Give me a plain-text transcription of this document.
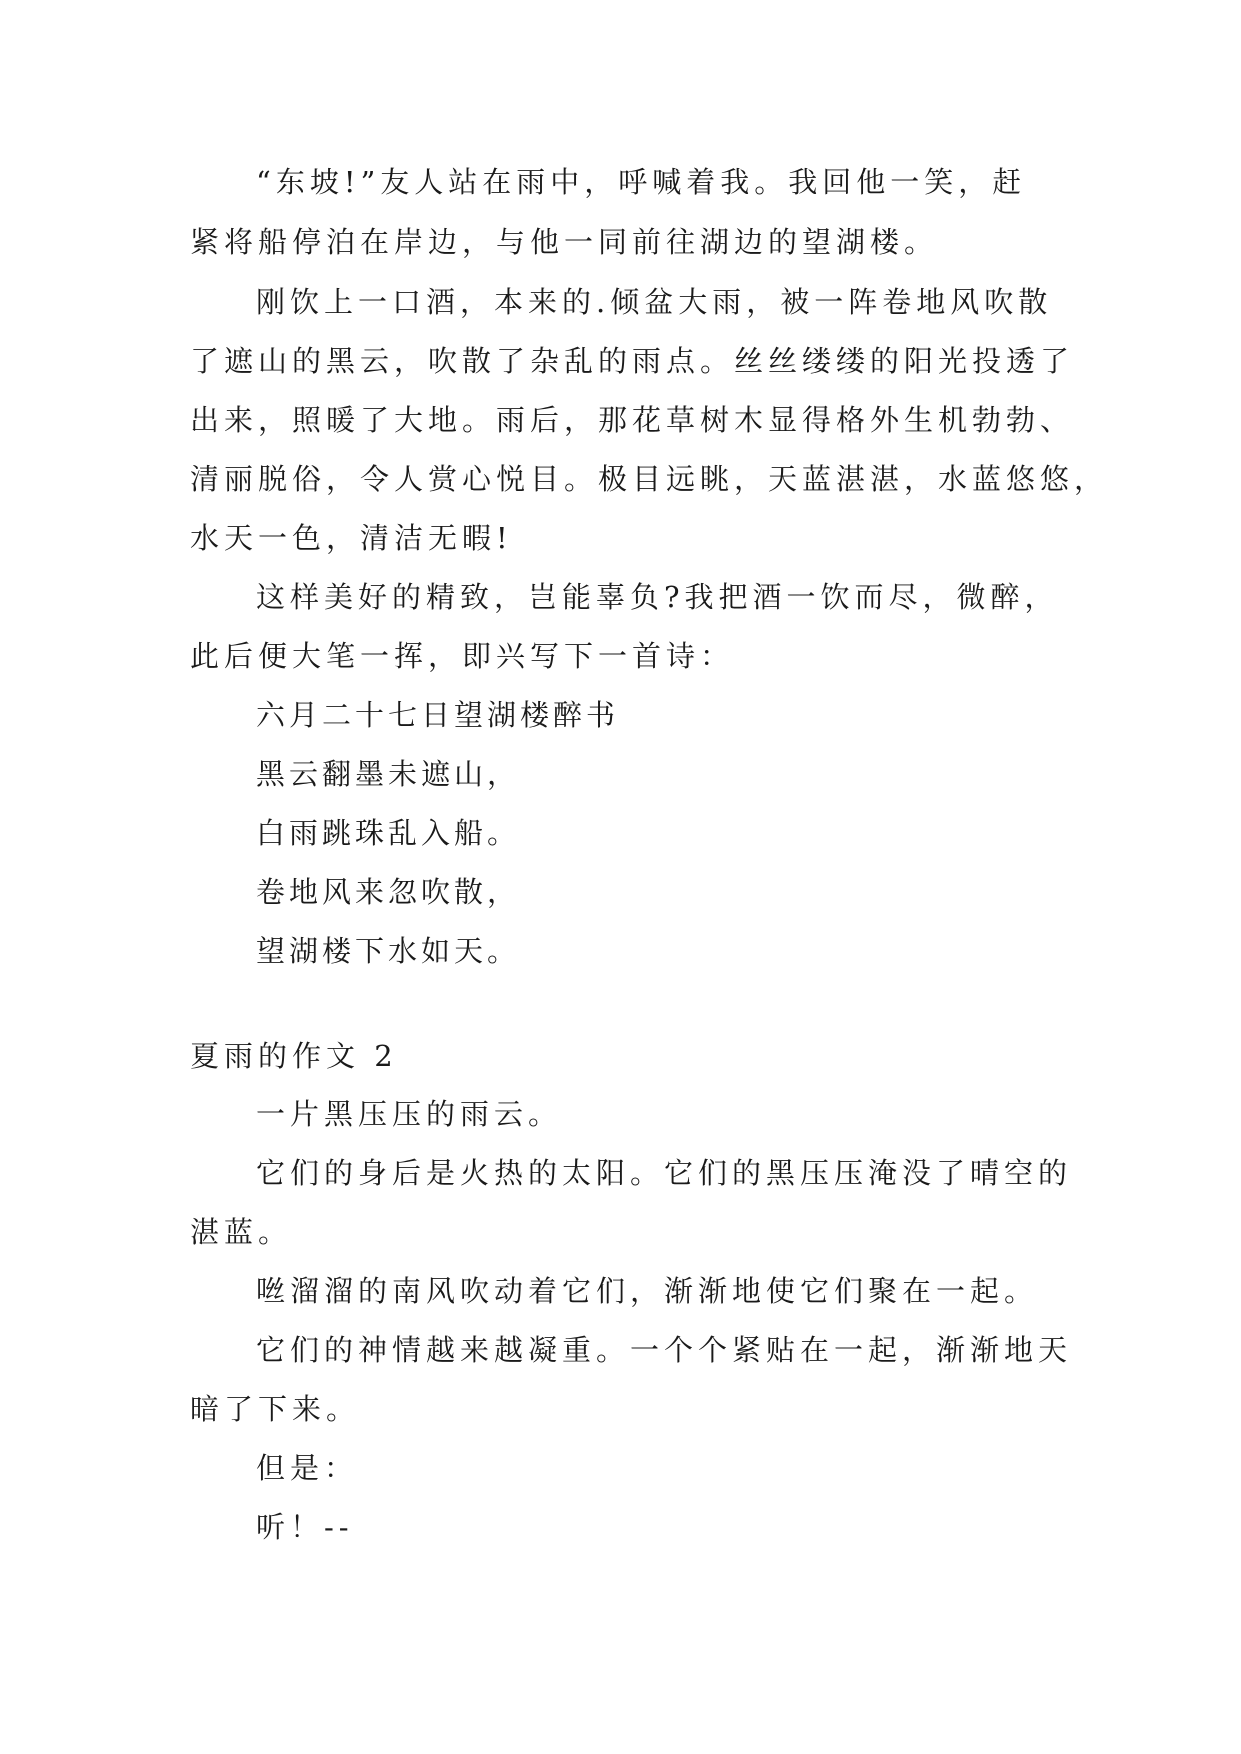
“东坡!”友人站在雨中，呼喊着我。我回他一笑，赶
紧将船停泊在岸边，与他一同前往湖边的望湖楼。
刚饮上一口酒，本来的.倾盆大雨，被一阵卷地风吹散
了遮山的黑云，吹散了杂乱的雨点。丝丝缕缕的阳光投透了
出来，照暖了大地。雨后，那花草树木显得格外生机勃勃、
清丽脱俗，令人赏心悦目。极目远眺，天蓝湛湛，水蓝悠悠，
水天一色，清洁无暇!
这样美好的精致，岂能辜负?我把酒一饮而尽，微醉，
此后便大笔一挥，即兴写下一首诗：
六月二十七日望湖楼醉书
黑云翻墨未遮山，
白雨跳珠乱入船。
卷地风来忽吹散，
望湖楼下水如天。
夏雨的作文 2
一片黑压压的雨云。
它们的身后是火热的太阳。它们的黑压压淹没了晴空的
湛蓝。
咝溜溜的南风吹动着它们，渐渐地使它们聚在一起。
它们的神情越来越凝重。一个个紧贴在一起，渐渐地天
暗了下来。
但是：
听！--
